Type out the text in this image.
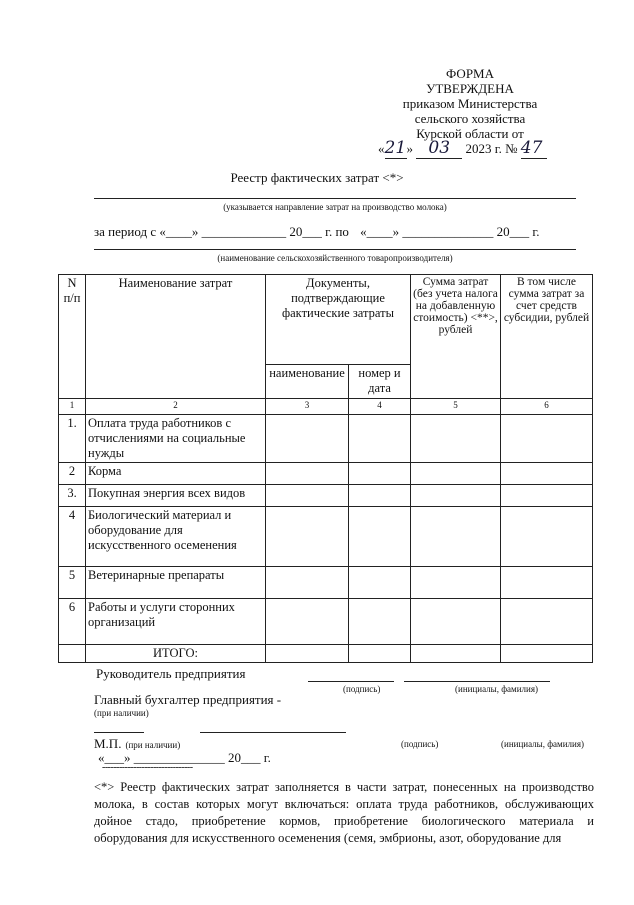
ФОРМА
УТВЕРЖДЕНА
приказом Министерства
сельского хозяйства
Курской области от
«21» 03 2023 г. № 47
Реестр фактических затрат <*>
(указывается направление затрат на производство молока)
за период с «____» _____________ 20___ г. по «____» ______________ 20___ г.
(наименование сельскохозяйственного товаропроизводителя)
N п/п	Наименование затрат	Документы, подтверждающие фактические затраты		Сумма затрат (без учета налога на добавленную стоимость) <**>, рублей	В том числе сумма затрат за счет средств субсидии, рублей
		наименование	номер и дата		
1	2	3	4	5	6
1.	Оплата труда работников с отчислениями на социальные нужды				
2	Корма				
3.	Покупная энергия всех видов				
4	Биологический материал и оборудование для искусственного осеменения				
5	Ветеринарные препараты				
6	Работы и услуги сторонних организаций				
	ИТОГО:				
Руководитель предприятия
(подпись)	(инициалы, фамилия)
Главный бухгалтер предприятия -
(при наличии)
М.П. (при наличии)	(подпись)	(инициалы, фамилия)
«___» ______________ 20___ г.
--------------------------------
<*> Реестр фактических затрат заполняется в части затрат, понесенных на производство молока, в состав которых могут включаться: оплата труда работников, обслуживающих дойное стадо, приобретение кормов, приобретение биологического материала и оборудования для искусственного осеменения (семя, эмбрионы, азот, оборудование для
